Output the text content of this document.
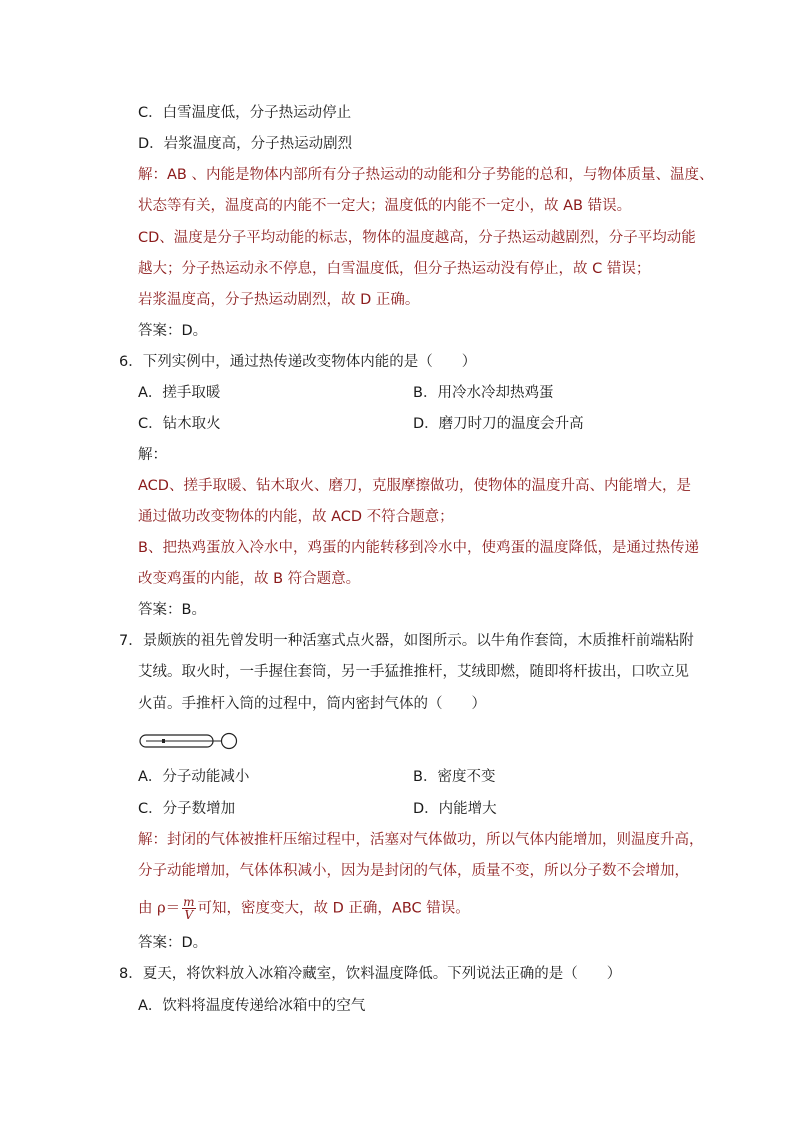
C．白雪温度低，分子热运动停止
D．岩浆温度高，分子热运动剧烈
解：AB 、内能是物体内部所有分子热运动的动能和分子势能的总和，与物体质量、温度、
状态等有关，温度高的内能不一定大；温度低的内能不一定小，故 AB 错误。
CD、温度是分子平均动能的标志，物体的温度越高，分子热运动越剧烈，分子平均动能
越大；分子热运动永不停息，白雪温度低，但分子热运动没有停止，故 C 错误；
岩浆温度高，分子热运动剧烈，故 D 正确。
答案：D。
6．下列实例中，通过热传递改变物体内能的是（　　）
A．搓手取暖	B．用冷水冷却热鸡蛋
C．钻木取火	D．磨刀时刀的温度会升高
解：
ACD、搓手取暖、钻木取火、磨刀，克服摩擦做功，使物体的温度升高、内能增大，是
通过做功改变物体的内能，故 ACD 不符合题意；
B、把热鸡蛋放入冷水中，鸡蛋的内能转移到冷水中，使鸡蛋的温度降低，是通过热传递
改变鸡蛋的内能，故 B 符合题意。
答案：B。
7．景颇族的祖先曾发明一种活塞式点火器，如图所示。以牛角作套筒，木质推杆前端粘附
艾绒。取火时，一手握住套筒，另一手猛推推杆，艾绒即燃，随即将杆拔出，口吹立见
火苗。手推杆入筒的过程中，筒内密封气体的（　　）
A．分子动能减小	B．密度不变
C．分子数增加	D．内能增大
解：封闭的气体被推杆压缩过程中，活塞对气体做功，所以气体内能增加，则温度升高，
分子动能增加，气体体积减小，因为是封闭的气体，质量不变，所以分子数不会增加，
由 $\rho= \frac{m}{V}$ 可知，密度变大，故 D 正确，ABC 错误。
答案：D。
8．夏天，将饮料放入冰箱冷藏室，饮料温度降低。下列说法正确的是（　　）
A．饮料将温度传递给冰箱中的空气
